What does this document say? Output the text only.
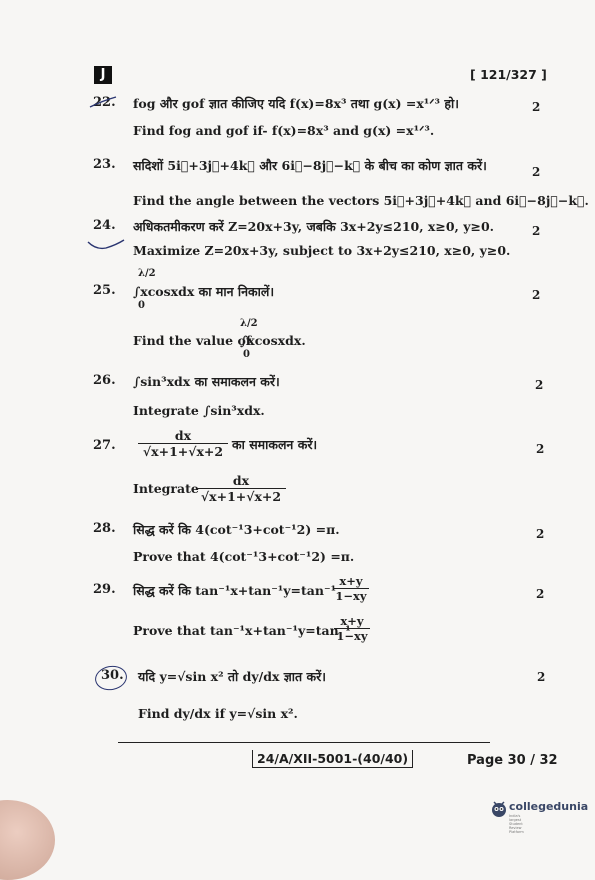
J	[ 121/327 ]
22. fog और gof ज्ञात कीजिए यदि f(x)=8x³ तथा g(x) =x¹ᐟ³ हो।	2
Find fog and gof if- f(x)=8x³ and g(x) =x¹ᐟ³.
23. सदिशों 5i⃗+3j⃗+4k⃗ और 6i⃗−8j⃗−k⃗ के बीच का कोण ज्ञात करें।	2
Find the angle between the vectors 5i⃗+3j⃗+4k⃗ and 6i⃗−8j⃗−k⃗.
24. अधिकतमीकरण करें Z=20x+3y, जबकि 3x+2y≤210, x≥0, y≥0.	2
Maximize Z=20x+3y, subject to 3x+2y≤210, x≥0, y≥0.
25.
λ/2
∫xcosxdx का मान निकालें।
0
2
Find the value of
λ/2
∫xcosxdx.
0
26. ∫sin³xdx का समाकलन करें।	2
Integrate ∫sin³xdx.
27. $\frac{dx}{√x+1+√x+2}$ का समाकलन करें।	2
Integrate
$\frac{dx}{√x+1+√x+2}$
28. सिद्ध करें कि 4(cot⁻¹3+cot⁻¹2) =π.	2
Prove that 4(cot⁻¹3+cot⁻¹2) =π.
29. सिद्ध करें कि tan⁻¹x+tan⁻¹y=tan⁻¹
$\frac{x+y}{1-xy}$	2
Prove that tan⁻¹x+tan⁻¹y=tan⁻¹
$\frac{x+y}{1-xy}$
30. यदि y=√sin x² तो dy/dx ज्ञात करें।	2
Find dy/dx if y=√sin x².
24/A/XII-5001-(40/40)	Page 30 / 32
collegedunia
India's largest Student Review Platform
